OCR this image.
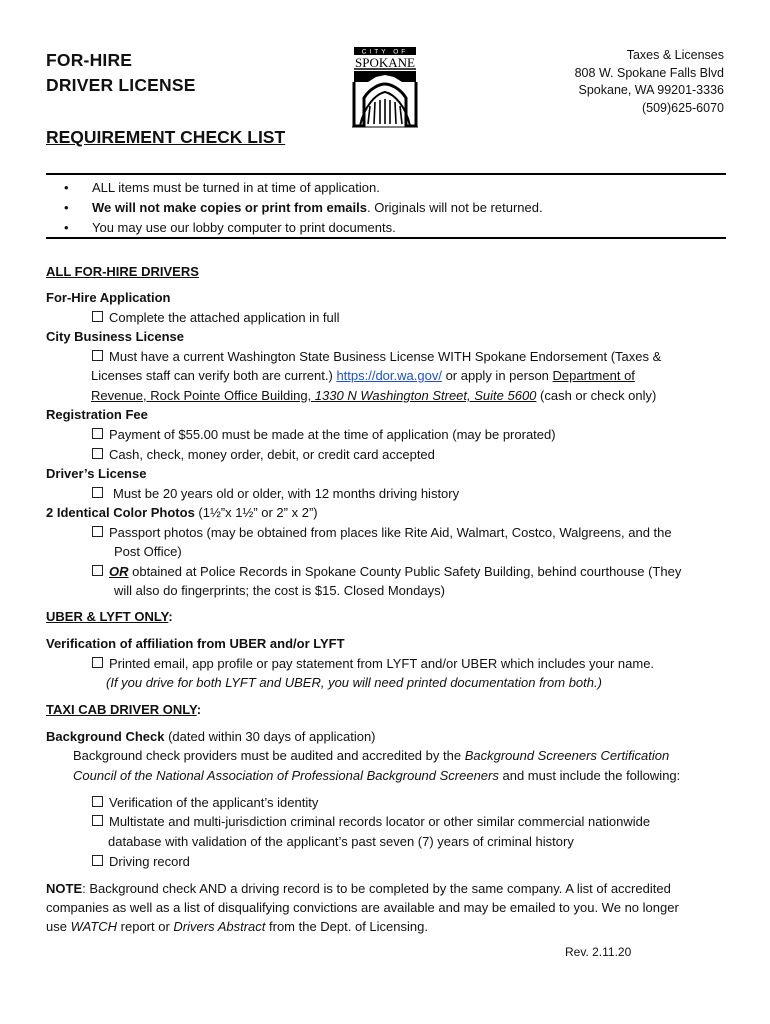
FOR-HIRE
DRIVER LICENSE
CITY OF
SPOKANE	Taxes & Licenses
808 W. Spokane Falls Blvd
Spokane, WA 99201-3336
(509)625-6070
REQUIREMENT CHECK LIST
• ALL items must be turned in at time of application.
• We will not make copies or print from emails. Originals will not be returned.
• You may use our lobby computer to print documents.
ALL FOR-HIRE DRIVERS
For-Hire Application
Complete the attached application in full
City Business License
Must have a current Washington State Business License WITH Spokane Endorsement (Taxes &
Licenses staff can verify both are current.) https://dor.wa.gov/ or apply in person Department of
Revenue, Rock Pointe Office Building, 1330 N Washington Street, Suite 5600 (cash or check only)
Registration Fee
Payment of $55.00 must be made at the time of application (may be prorated)
Cash, check, money order, debit, or credit card accepted
Driver’s License
Must be 20 years old or older, with 12 months driving history
2 Identical Color Photos (1½”x 1½” or 2” x 2”)
Passport photos (may be obtained from places like Rite Aid, Walmart, Costco, Walgreens, and the
Post Office)
OR obtained at Police Records in Spokane County Public Safety Building, behind courthouse (They
will also do fingerprints; the cost is $15. Closed Mondays)
UBER & LYFT ONLY:
Verification of affiliation from UBER and/or LYFT
Printed email, app profile or pay statement from LYFT and/or UBER which includes your name.
(If you drive for both LYFT and UBER, you will need printed documentation from both.)
TAXI CAB DRIVER ONLY:
Background Check (dated within 30 days of application)
Background check providers must be audited and accredited by the Background Screeners Certification
Council of the National Association of Professional Background Screeners and must include the following:
Verification of the applicant’s identity
Multistate and multi-jurisdiction criminal records locator or other similar commercial nationwide
database with validation of the applicant’s past seven (7) years of criminal history
Driving record
NOTE: Background check AND a driving record is to be completed by the same company. A list of accredited
companies as well as a list of disqualifying convictions are available and may be emailed to you. We no longer
use WATCH report or Drivers Abstract from the Dept. of Licensing.
Rev. 2.11.20
